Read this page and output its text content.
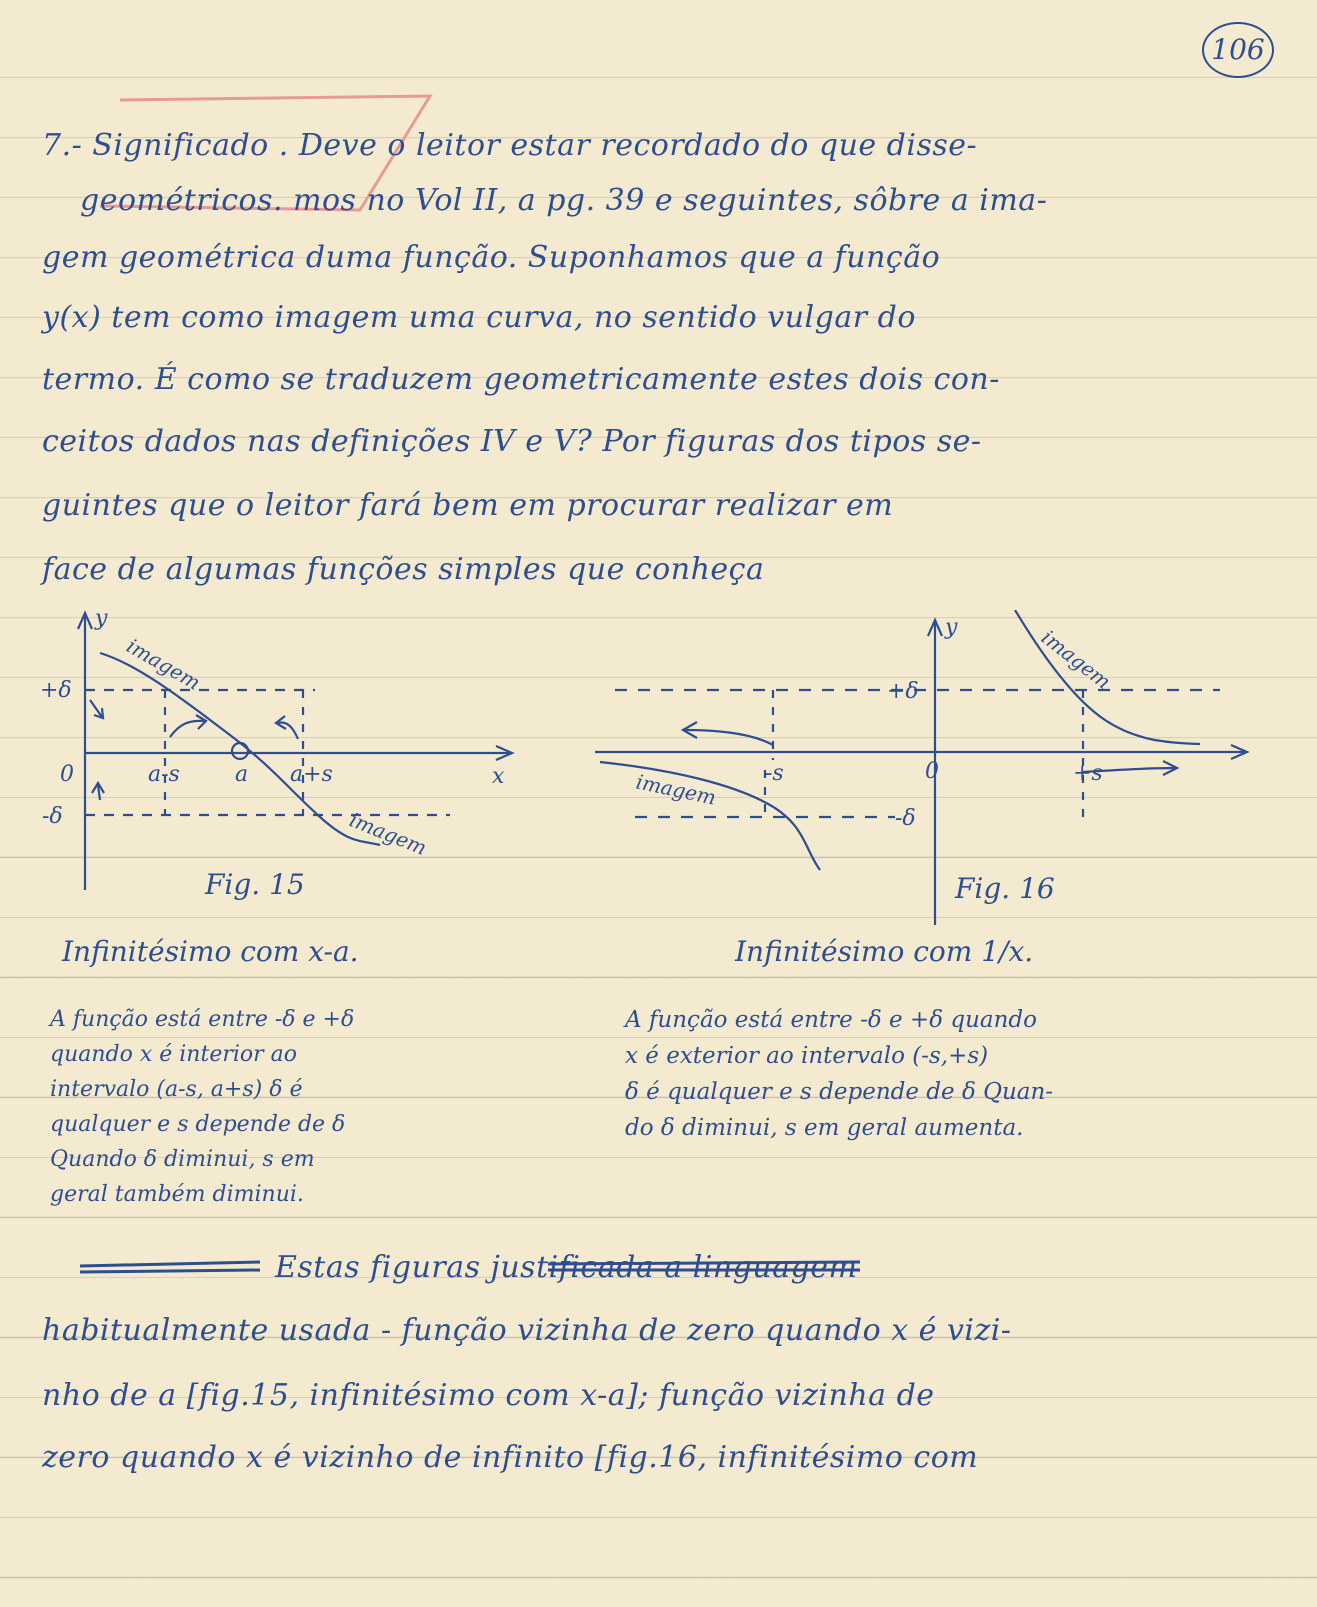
106
7.- Significado . Deve o leitor estar recordado do que disse-
geométricos. mos no Vol II, a pg. 39 e seguintes, sôbre a ima-
gem geométrica duma função. Suponhamos que a função
y(x) tem como imagem uma curva, no sentido vulgar do
termo. É como se traduzem geometricamente estes dois con-
ceitos dados nas definições IV e V? Por figuras dos tipos se-
guintes que o leitor fará bem em procurar realizar em
face de algumas funções simples que conheça
y
x
0
+δ
-δ
a-s	a a+s
imagem
imagem
Fig. 15
Infinitésimo com x-a.
A função está entre -δ e +δ
quando x é interior ao
intervalo (a-s, a+s) δ é
qualquer e s depende de δ
Quando δ diminui, s em
geral também diminui.
y
0
+δ
-δ
-s	+s
imagem
imagem
Fig. 16
Infinitésimo com 1/x.
A função está entre -δ e +δ quando
x é exterior ao intervalo (-s,+s)
δ é qualquer e s depende de δ Quan-
do δ diminui, s em geral aumenta.
Estas figuras justificada a linguagem
habitualmente usada - função vizinha de zero quando x é vizi-
nho de a [fig.15, infinitésimo com x-a]; função vizinha de
zero quando x é vizinho de infinito [fig.16, infinitésimo com
